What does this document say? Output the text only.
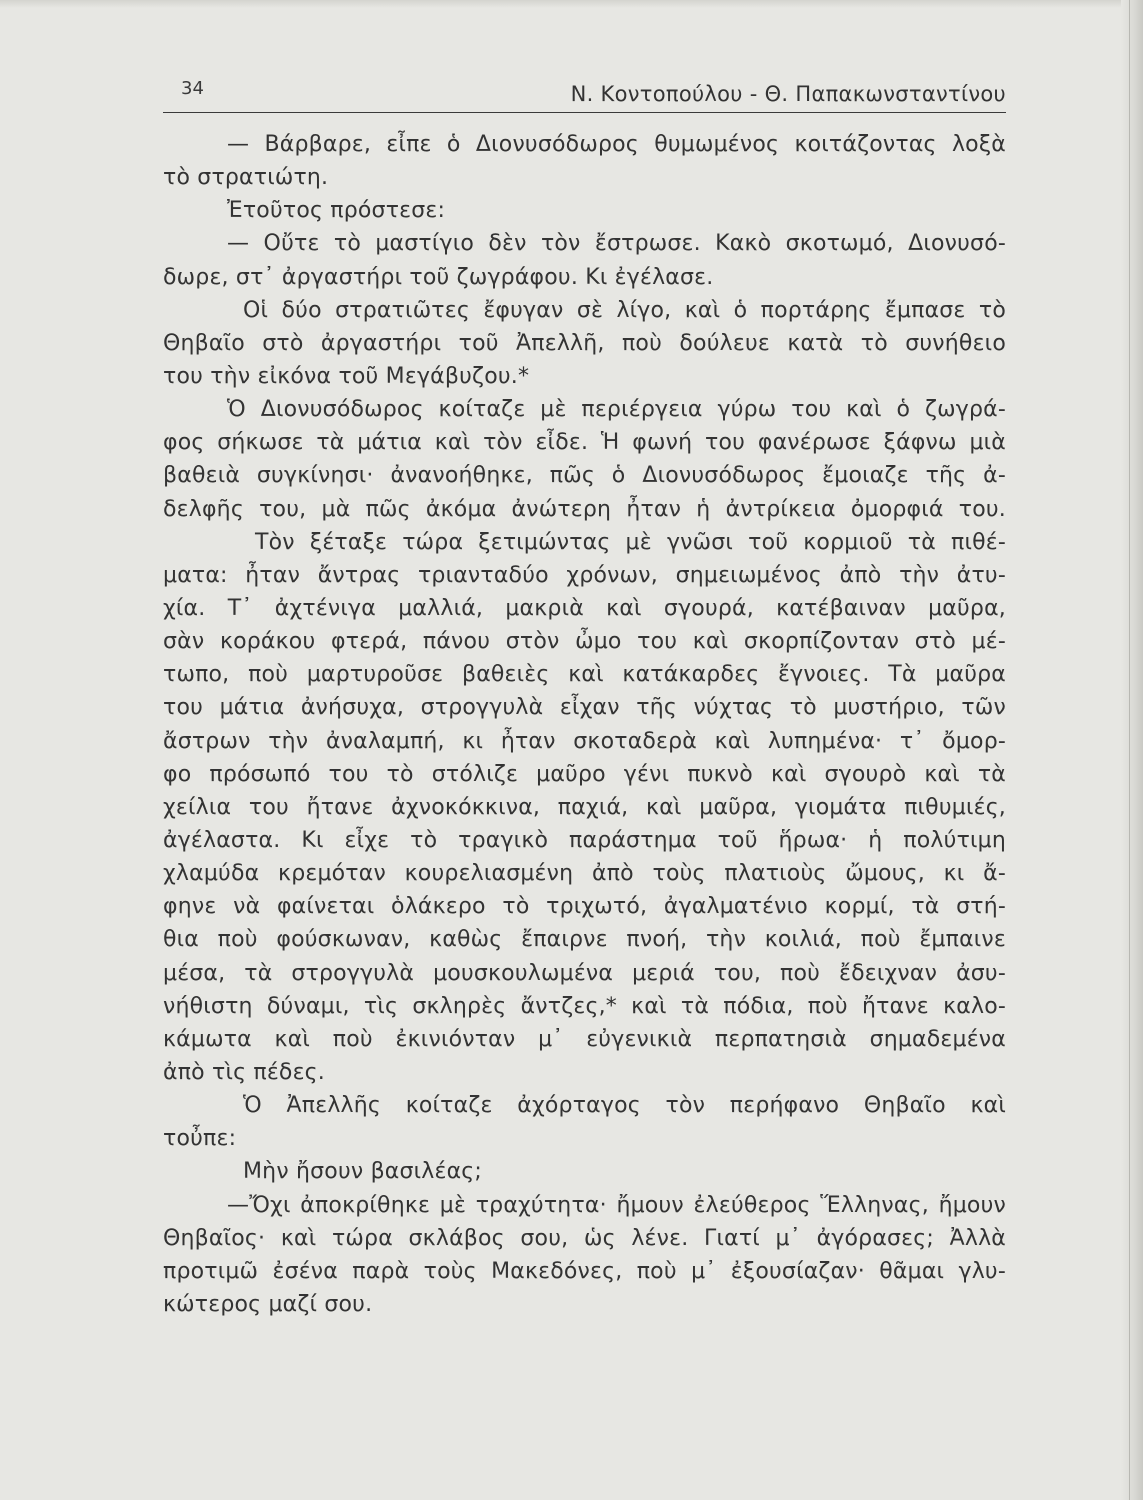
34	Ν. Κοντοπούλου - Θ. Παπακωνσταντίνου
— Βάρβαρε, εἶπε ὁ Διονυσόδωρος θυμωμένος κοιτάζοντας λοξὰ
τὸ στρατιώτη.
Ἐτοῦτος πρόστεσε:
— Οὔτε τὸ μαστίγιο δὲν τὸν ἔστρωσε. Κακὸ σκοτωμό, Διονυσό-
δωρε, στ᾿ ἀργαστήρι τοῦ ζωγράφου. Κι ἐγέλασε.
Οἱ δύο στρατιῶτες ἔφυγαν σὲ λίγο, καὶ ὁ πορτάρης ἔμπασε τὸ
Θηβαῖο στὸ ἀργαστήρι τοῦ Ἀπελλῆ, ποὺ δούλευε κατὰ τὸ συνήθειο
του τὴν εἰκόνα τοῦ Μεγάβυζου.*
Ὁ Διονυσόδωρος κοίταζε μὲ περιέργεια γύρω του καὶ ὁ ζωγρά-
φος σήκωσε τὰ μάτια καὶ τὸν εἶδε. Ἡ φωνή του φανέρωσε ξάφνω μιὰ
βαθειὰ συγκίνησι· ἀνανοήθηκε, πῶς ὁ Διονυσόδωρος ἔμοιαζε τῆς ἀ-
δελφῆς του, μὰ πῶς ἀκόμα ἀνώτερη ἦταν ἡ ἀντρίκεια ὀμορφιά του.
Τὸν ξέταξε τώρα ξετιμώντας μὲ γνῶσι τοῦ κορμιοῦ τὰ πιθέ-
ματα: ἦταν ἄντρας τριανταδύο χρόνων, σημειωμένος ἀπὸ τὴν ἀτυ-
χία. Τ᾿ ἀχτένιγα μαλλιά, μακριὰ καὶ σγουρά, κατέβαιναν μαῦρα,
σὰν κοράκου φτερά, πάνου στὸν ὦμο του καὶ σκορπίζονταν στὸ μέ-
τωπο, ποὺ μαρτυροῦσε βαθειὲς καὶ κατάκαρδες ἔγνοιες. Τὰ μαῦρα
του μάτια ἀνήσυχα, στρογγυλὰ εἶχαν τῆς νύχτας τὸ μυστήριο, τῶν
ἄστρων τὴν ἀναλαμπή, κι ἦταν σκοταδερὰ καὶ λυπημένα· τ᾿ ὄμορ-
φο πρόσωπό του τὸ στόλιζε μαῦρο γένι πυκνὸ καὶ σγουρὸ καὶ τὰ
χείλια του ἤτανε ἀχνοκόκκινα, παχιά, καὶ μαῦρα, γιομάτα πιθυμιές,
ἀγέλαστα. Κι εἶχε τὸ τραγικὸ παράστημα τοῦ ἥρωα· ἡ πολύτιμη
χλαμύδα κρεμόταν κουρελιασμένη ἀπὸ τοὺς πλατιοὺς ὤμους, κι ἄ-
φηνε νὰ φαίνεται ὁλάκερο τὸ τριχωτό, ἀγαλματένιο κορμί, τὰ στή-
θια ποὺ φούσκωναν, καθὼς ἔπαιρνε πνοή, τὴν κοιλιά, ποὺ ἔμπαινε
μέσα, τὰ στρογγυλὰ μουσκουλωμένα μεριά του, ποὺ ἔδειχναν ἀσυ-
νήθιστη δύναμι, τὶς σκληρὲς ἄντζες,* καὶ τὰ πόδια, ποὺ ἤτανε καλο-
κάμωτα καὶ ποὺ ἐκινιόνταν μ᾿ εὐγενικιὰ περπατησιὰ σημαδεμένα
ἀπὸ τὶς πέδες.
Ὁ Ἀπελλῆς κοίταζε ἀχόρταγος τὸν περήφανο Θηβαῖο καὶ
τοὖπε:
Μὴν ἤσουν βασιλέας;
—Ὄχι ἀποκρίθηκε μὲ τραχύτητα· ἤμουν ἐλεύθερος Ἕλληνας, ἤμουν
Θηβαῖος· καὶ τώρα σκλάβος σου, ὡς λένε. Γιατί μ᾿ ἀγόρασες; Ἀλλὰ
προτιμῶ ἐσένα παρὰ τοὺς Μακεδόνες, ποὺ μ᾿ ἐξουσίαζαν· θᾶμαι γλυ-
κώτερος μαζί σου.
